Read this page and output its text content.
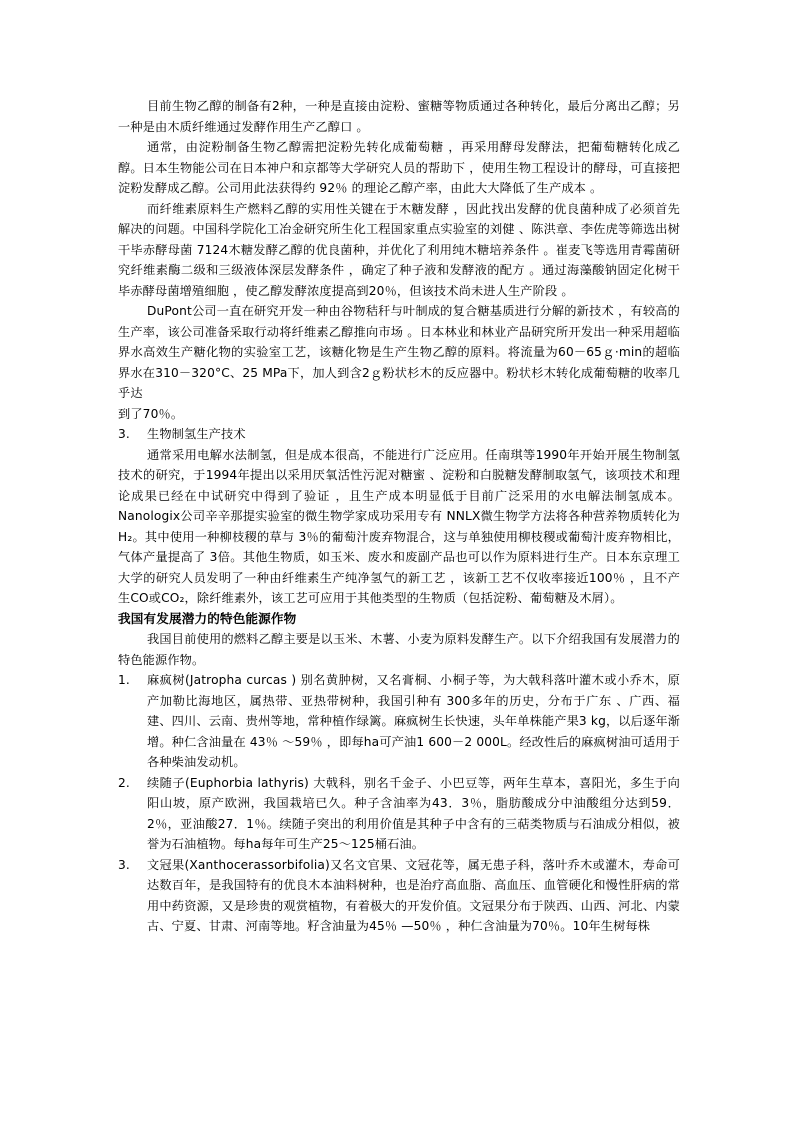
目前生物乙醇的制备有2种，一种是直接由淀粉、蜜糖等物质通过各种转化，最后分离出乙醇；另一种是由木质纤维通过发酵作用生产乙醇口 。

通常，由淀粉制备生物乙醇需把淀粉先转化成葡萄糖 ，再采用酵母发酵法，把葡萄糖转化成乙醇。日本生物能公司在日本神户和京都等大学研究人员的帮助下 ，使用生物工程设计的酵母，可直接把淀粉发酵成乙醇。公司用此法获得约 92％ 的理论乙醇产率，由此大大降低了生产成本 。

而纤维素原料生产燃料乙醇的实用性关键在于木糖发酵 ，因此找出发酵的优良菌种成了必须首先解决的问题。中国科学院化工冶金研究所生化工程国家重点实验室的刘健 、陈洪章、李佐虎等筛选出树干毕赤酵母菌 7124木糖发酵乙醇的优良菌种，并优化了利用纯木糖培养条件 。崔麦飞等选用青霉菌研究纤维素酶二级和三级液体深层发酵条件 ，确定了种子液和发酵液的配方 。通过海藻酸钠固定化树干毕赤酵母菌增殖细胞 ，使乙醇发酵浓度提高到20％，但该技术尚未进人生产阶段 。

DuPont公司一直在研究开发一种由谷物秸秆与叶制成的复合糖基质进行分解的新技术 ，有较高的生产率，该公司准备采取行动将纤维素乙醇推向市场 。日本林业和林业产品研究所开发出一种采用超临界水高效生产糖化物的实验室工艺，该糖化物是生产生物乙醇的原料。将流量为60－65ｇ·min的超临界水在310－320°C、25 MPa下，加人到含2ｇ粉状杉木的反应器中。粉状杉木转化成葡萄糖的收率几乎达

到了70％。

3.	生物制氢生产技术

通常采用电解水法制氢，但是成本很高，不能进行广泛应用。任南琪等1990年开始开展生物制氢技术的研究，于1994年提出以采用厌氧活性污泥对糖蜜 、淀粉和白脱糖发酵制取氢气，该项技术和理论成果已经在中试研究中得到了验证 ，且生产成本明显低于目前广泛采用的水电解法制氢成本。Nanologix公司辛辛那提实验室的微生物学家成功采用专有 NNLX微生物学方法将各种营养物质转化为H₂。其中使用一种柳枝稷的草与 3％的葡萄汁废弃物混合，这与单独使用柳枝稷或葡萄汁废弃物相比，气体产量提高了 3倍。其他生物质，如玉米、废水和废副产品也可以作为原料进行生产。日本东京理工大学的研究人员发明了一种由纤维素生产纯净氢气的新工艺 ，该新工艺不仅收率接近100％ ，且不产生CO或CO₂，除纤维素外，该工艺可应用于其他类型的生物质（包括淀粉、葡萄糖及木屑）。

我国有发展潜力的特色能源作物

我国目前使用的燃料乙醇主要是以玉米、木薯、小麦为原料发酵生产。以下介绍我国有发展潜力的特色能源作物。

1.	麻疯树(Jatropha curcas ) 别名黄肿树，又名膏桐、小桐子等，为大戟科落叶灌木或小乔木，原产加勒比海地区，属热带、亚热带树种，我国引种有 300多年的历史，分布于广东 、广西、福建、四川、云南、贵州等地，常种植作绿篱。麻疯树生长快速，头年单株能产果3 kg，以后逐年渐增。种仁含油量在 43％ ～59％ ，即每ha可产油1 600－2 000L。经改性后的麻疯树油可适用于各种柴油发动机。
2.	续随子(Euphorbia lathyris) 大戟科，别名千金子、小巴豆等，两年生草本，喜阳光，多生于向阳山坡，原产欧洲，我国栽培已久。种子含油率为43．3％，脂肪酸成分中油酸组分达到59．2％，亚油酸27．1％。续随子突出的利用价值是其种子中含有的三萜类物质与石油成分相似，被誉为石油植物。每ha每年可生产25～125桶石油。
3.	文冠果(Xanthocerassorbifolia)又名文官果、文冠花等，属无患子科，落叶乔木或灌木，寿命可达数百年，是我国特有的优良木本油料树种，也是治疗高血脂、高血压、血管硬化和慢性肝病的常用中药资源，又是珍贵的观赏植物，有着极大的开发价值。文冠果分布于陕西、山西、河北、内蒙古、宁夏、甘肃、河南等地。籽含油量为45％ —50％ ，种仁含油量为70％。10年生树每株
